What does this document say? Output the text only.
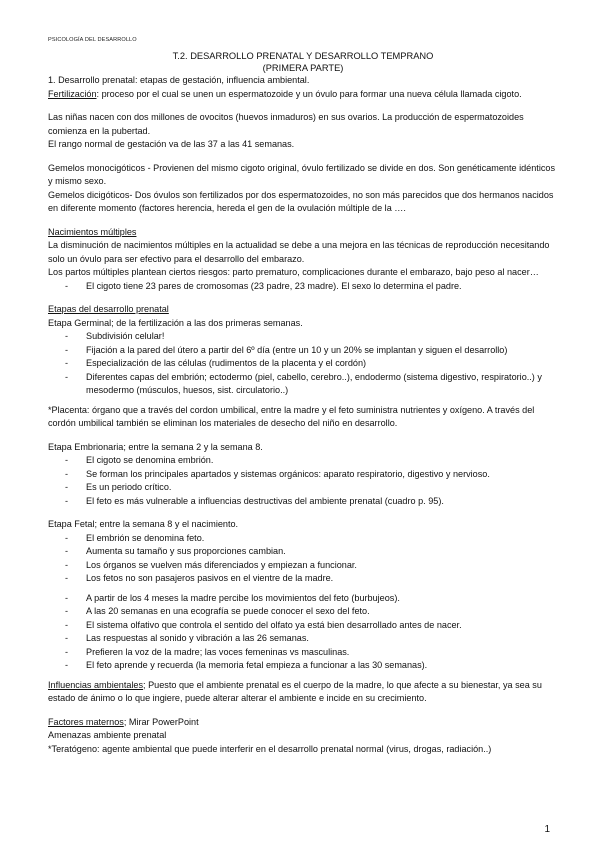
PSICOLOGÍA DEL DESARROLLO
T.2. DESARROLLO PRENATAL Y DESARROLLO TEMPRANO
(PRIMERA PARTE)

1. Desarrollo prenatal: etapas de gestación, influencia ambiental.

Fertilización: proceso por el cual se unen un espermatozoide y un óvulo para formar una nueva célula llamada cigoto.

Las niñas nacen con dos millones de ovocitos (huevos inmaduros) en sus ovarios. La producción de espermatozoides comienza en la pubertad.

El rango normal de gestación va de las 37 a las 41 semanas.

Gemelos monocigóticos - Provienen del mismo cigoto original, óvulo fertilizado se divide en dos. Son genéticamente idénticos y mismo sexo.

Gemelos dicigóticos- Dos óvulos son fertilizados por dos espermatozoides, no son más parecidos que dos hermanos nacidos en diferente momento (factores herencia, hereda el gen de la ovulación múltiple de la ….

Nacimientos múltiples

La disminución de nacimientos múltiples en la actualidad se debe a una mejora en las técnicas de reproducción necesitando solo un óvulo para ser efectivo para el desarrollo del embarazo.

Los partos múltiples plantean ciertos riesgos: parto prematuro, complicaciones durante el embarazo, bajo peso al nacer…

- El cigoto tiene 23 pares de cromosomas (23 padre, 23 madre). El sexo lo determina el padre.

Etapas del desarrollo prenatal

Etapa Germinal; de la fertilización a las dos primeras semanas.

- Subdivisión celular!
- Fijación a la pared del útero a partir del 6º día (entre un 10 y un 20% se implantan y siguen el desarrollo)
- Especialización de las células (rudimentos de la placenta y el cordón)
- Diferentes capas del embrión; ectodermo (piel, cabello, cerebro..), endodermo (sistema digestivo, respiratorio..) y mesodermo (músculos, huesos, sist. circulatorio..)

*Placenta: órgano que a través del cordon umbilical, entre la madre y el feto suministra nutrientes y oxígeno. A través del cordón umbilical también se eliminan los materiales de desecho del niño en desarrollo.

Etapa Embrionaria; entre la semana 2 y la semana 8.

- El cigoto se denomina embrión.
- Se forman los principales apartados y sistemas orgánicos: aparato respiratorio, digestivo y nervioso.
- Es un periodo crítico.
- El feto es más vulnerable a influencias destructivas del ambiente prenatal (cuadro p. 95).

Etapa Fetal; entre la semana 8 y el nacimiento.

- El embrión se denomina feto.
- Aumenta su tamaño y sus proporciones cambian.
- Los órganos se vuelven más diferenciados y empiezan a funcionar.
- Los fetos no son pasajeros pasivos en el vientre de la madre.
- A partir de los 4 meses la madre percibe los movimientos del feto (burbujeos).
- A las 20 semanas en una ecografía se puede conocer el sexo del feto.
- El sistema olfativo que controla el sentido del olfato ya está bien desarrollado antes de nacer.
- Las respuestas al sonido y vibración a las 26 semanas.
- Prefieren la voz de la madre; las voces femeninas vs masculinas.
- El feto aprende y recuerda (la memoria fetal empieza a funcionar a las 30 semanas).

Influencias ambientales; Puesto que el ambiente prenatal es el cuerpo de la madre, lo que afecte a su bienestar, ya sea su estado de ánimo o lo que ingiere, puede alterar alterar el ambiente e incide en su crecimiento.

Factores maternos; Mirar PowerPoint

Amenazas ambiente prenatal

*Teratógeno: agente ambiental que puede interferir en el desarrollo prenatal normal (virus, drogas, radiación..)

1
